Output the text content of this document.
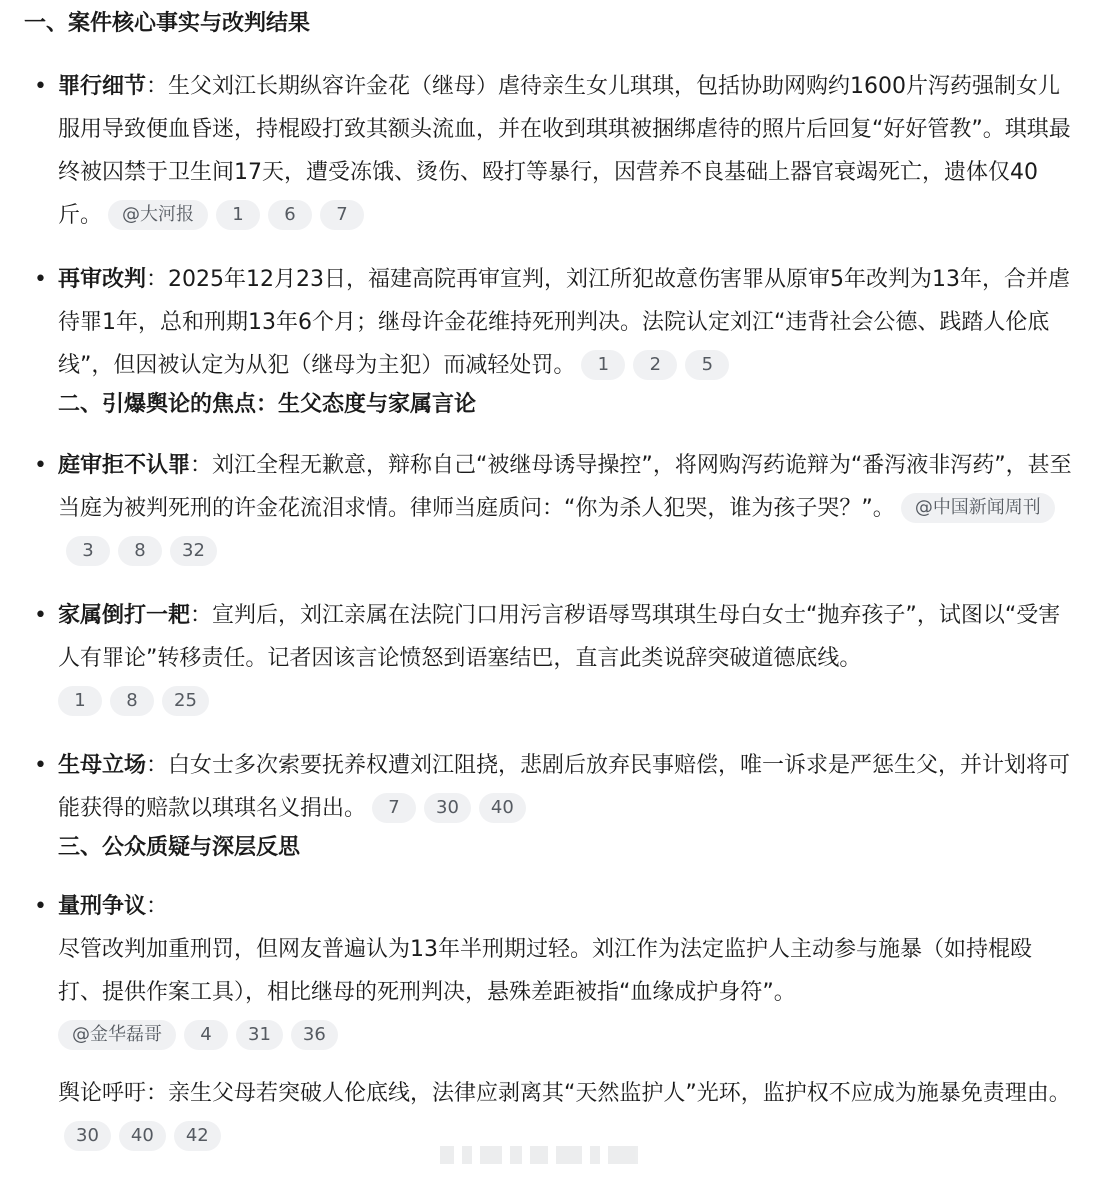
一、案件核心事实与改判结果
• 罪行细节：生父刘江长期纵容许金花（继母）虐待亲生女儿琪琪，包括协助网购约1600片泻药强制女儿服用导致便血昏迷，持棍殴打致其额头流血，并在收到琪琪被捆绑虐待的照片后回复“好好管教”。琪琪最终被囚禁于卫生间17天，遭受冻饿、烫伤、殴打等暴行，因营养不良基础上器官衰竭死亡，遗体仅40斤。 @大河报 1 6 7
• 再审改判：2025年12月23日，福建高院再审宣判，刘江所犯故意伤害罪从原审5年改判为13年，合并虐待罪1年，总和刑期13年6个月；继母许金花维持死刑判决。法院认定刘江“违背社会公德、践踏人伦底线”，但因被认定为从犯（继母为主犯）而减轻处罚。 1 2 5
二、引爆舆论的焦点：生父态度与家属言论
• 庭审拒不认罪：刘江全程无歉意，辩称自己“被继母诱导操控”，将网购泻药诡辩为“番泻液非泻药”，甚至当庭为被判死刑的许金花流泪求情。律师当庭质问：“你为杀人犯哭，谁为孩子哭？”。 @中国新闻周刊3 8 32
• 家属倒打一耙：宣判后，刘江亲属在法院门口用污言秽语辱骂琪琪生母白女士“抛弃孩子”，试图以“受害人有罪论”转移责任。记者因该言论愤怒到语塞结巴，直言此类说辞突破道德底线。
1 8 25
• 生母立场：白女士多次索要抚养权遭刘江阻挠，悲剧后放弃民事赔偿，唯一诉求是严惩生父，并计划将可能获得的赔款以琪琪名义捐出。 7 30 40
三、公众质疑与深层反思
• 量刑争议：
尽管改判加重刑罚，但网友普遍认为13年半刑期过轻。刘江作为法定监护人主动参与施暴（如持棍殴打、提供作案工具），相比继母的死刑判决，悬殊差距被指“血缘成护身符”。
@金华磊哥 4 31 36
舆论呼吁：亲生父母若突破人伦底线，法律应剥离其“天然监护人”光环，监护权不应成为施暴免责理由。30 40 42
